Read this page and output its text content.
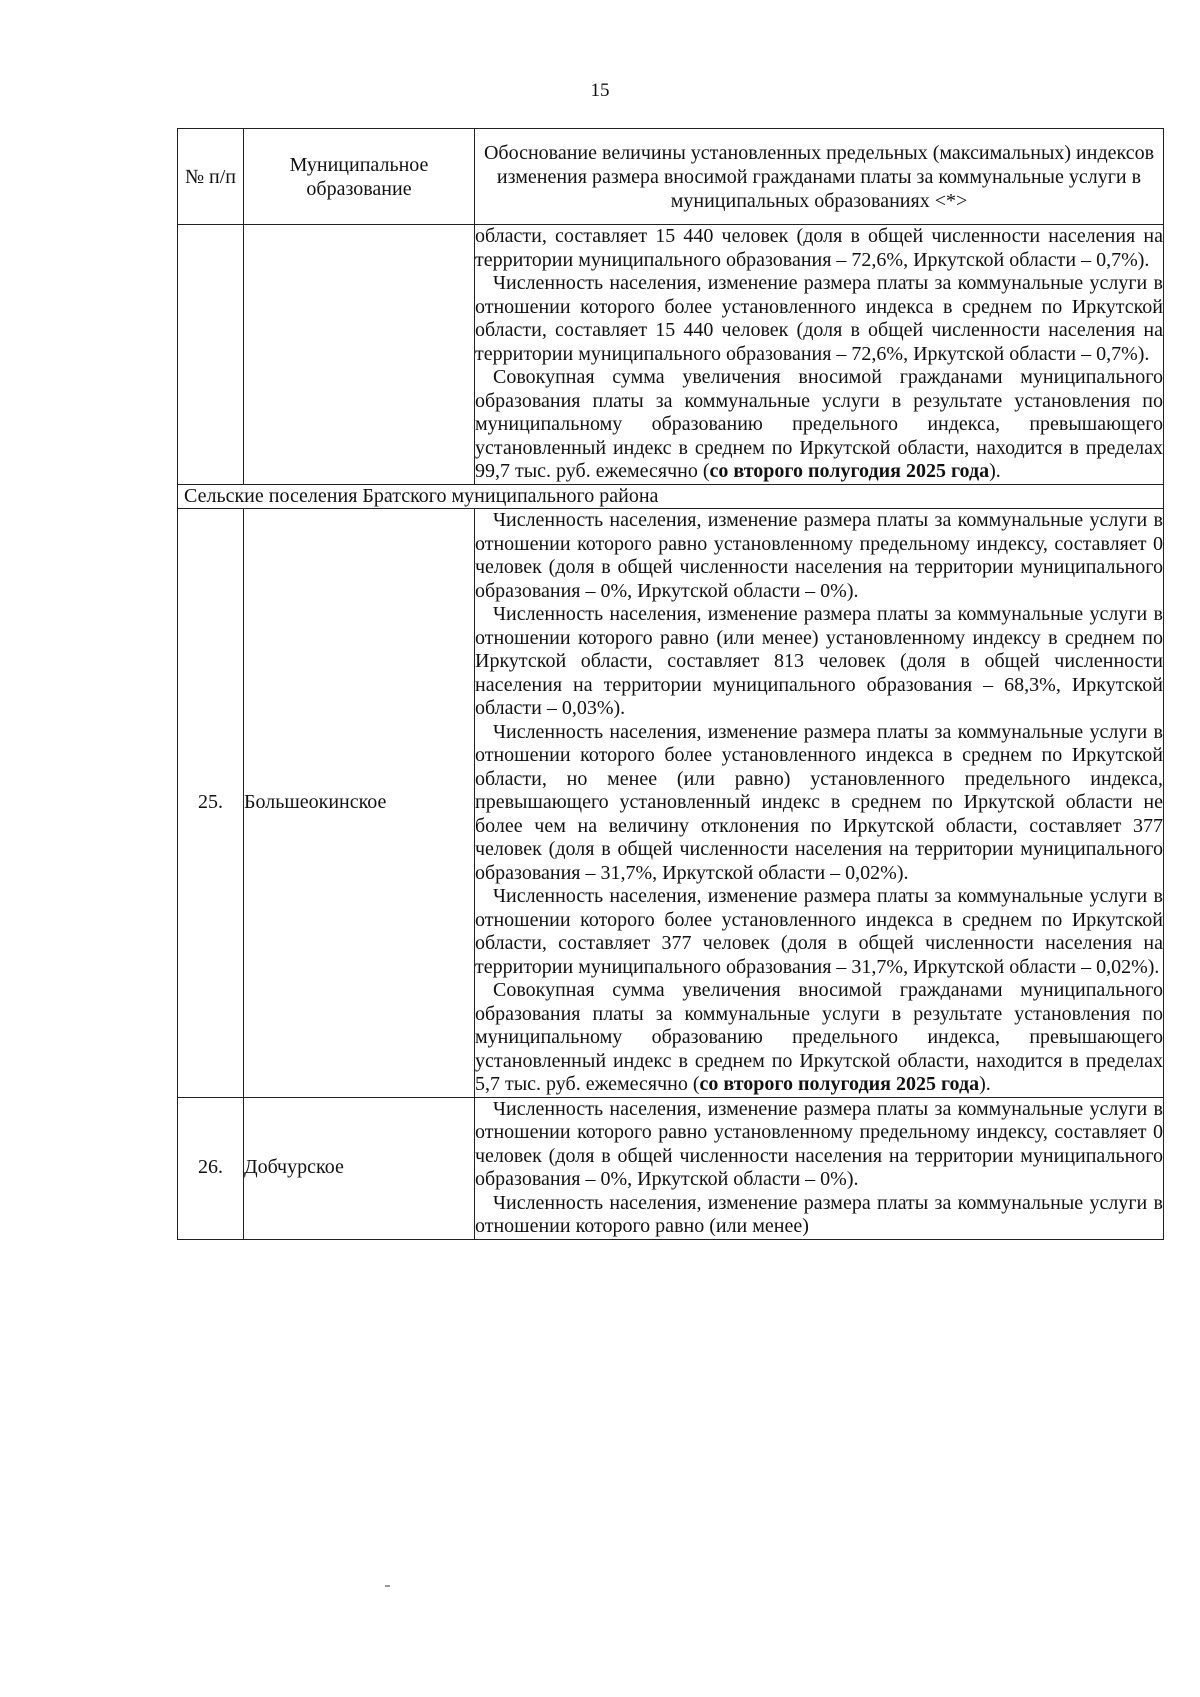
15
№ п/п	Муниципальное образование	Обоснование величины установленных предельных (максимальных) индексов изменения размера вносимой гражданами платы за коммунальные услуги в муниципальных образованиях <*>

		области, составляет 15 440 человек (доля в общей численности населения на территории муниципального образования – 72,6%, Иркутской области – 0,7%).

Численность населения, изменение размера платы за коммунальные услуги в отношении которого более установленного индекса в среднем по Иркутской области, составляет 15 440 человек (доля в общей численности населения на территории муниципального образования – 72,6%, Иркутской области – 0,7%).

Совокупная сумма увеличения вносимой гражданами муниципального образования платы за коммунальные услуги в результате установления по муниципальному образованию предельного индекса, превышающего установленный индекс в среднем по Иркутской области, находится в пределах 99,7 тыс. руб. ежемесячно (со второго полугодия 2025 года).

Сельские поселения Братского муниципального района		
25.	Большеокинское	Численность населения, изменение размера платы за коммунальные услуги в отношении которого равно установленному предельному индексу, составляет 0 человек (доля в общей численности населения на территории муниципального образования – 0%, Иркутской области – 0%).

Численность населения, изменение размера платы за коммунальные услуги в отношении которого равно (или менее) установленному индексу в среднем по Иркутской области, составляет 813 человек (доля в общей численности населения на территории муниципального образования – 68,3%, Иркутской области – 0,03%).

Численность населения, изменение размера платы за коммунальные услуги в отношении которого более установленного индекса в среднем по Иркутской области, но менее (или равно) установленного предельного индекса, превышающего установленный индекс в среднем по Иркутской области не более чем на величину отклонения по Иркутской области, составляет 377 человек (доля в общей численности населения на территории муниципального образования – 31,7%, Иркутской области – 0,02%).

Численность населения, изменение размера платы за коммунальные услуги в отношении которого более установленного индекса в среднем по Иркутской области, составляет 377 человек (доля в общей численности населения на территории муниципального образования – 31,7%, Иркутской области – 0,02%).

Совокупная сумма увеличения вносимой гражданами муниципального образования платы за коммунальные услуги в результате установления по муниципальному образованию предельного индекса, превышающего установленный индекс в среднем по Иркутской области, находится в пределах 5,7 тыс. руб. ежемесячно (со второго полугодия 2025 года).

26.	Добчурское	Численность населения, изменение размера платы за коммунальные услуги в отношении которого равно установленному предельному индексу, составляет 0 человек (доля в общей численности населения на территории муниципального образования – 0%, Иркутской области – 0%).

Численность населения, изменение размера платы за коммунальные услуги в отношении которого равно (или менее)
